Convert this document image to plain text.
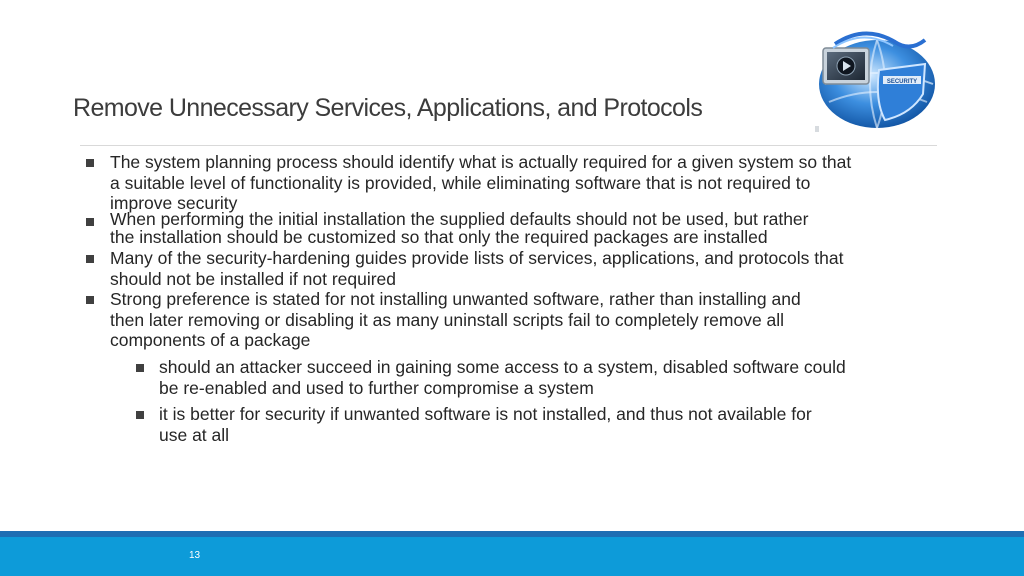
Remove Unnecessary Services, Applications, and Protocols
SECURITY
The system planning process should identify what is actually required for a given system so that
a suitable level of functionality is provided, while eliminating software that is not required to
improve security
When performing the initial installation the supplied defaults should not be used, but rather
the installation should be customized so that only the required packages are installed
Many of the security-hardening guides provide lists of services, applications, and protocols that
should not be installed if not required
Strong preference is stated for not installing unwanted software, rather than installing and
then later removing or disabling it as many uninstall scripts fail to completely remove all
components of a package
should an attacker succeed in gaining some access to a system, disabled software could
be re-enabled and used to further compromise a system
it is better for security if unwanted software is not installed, and thus not available for
use at all
13
